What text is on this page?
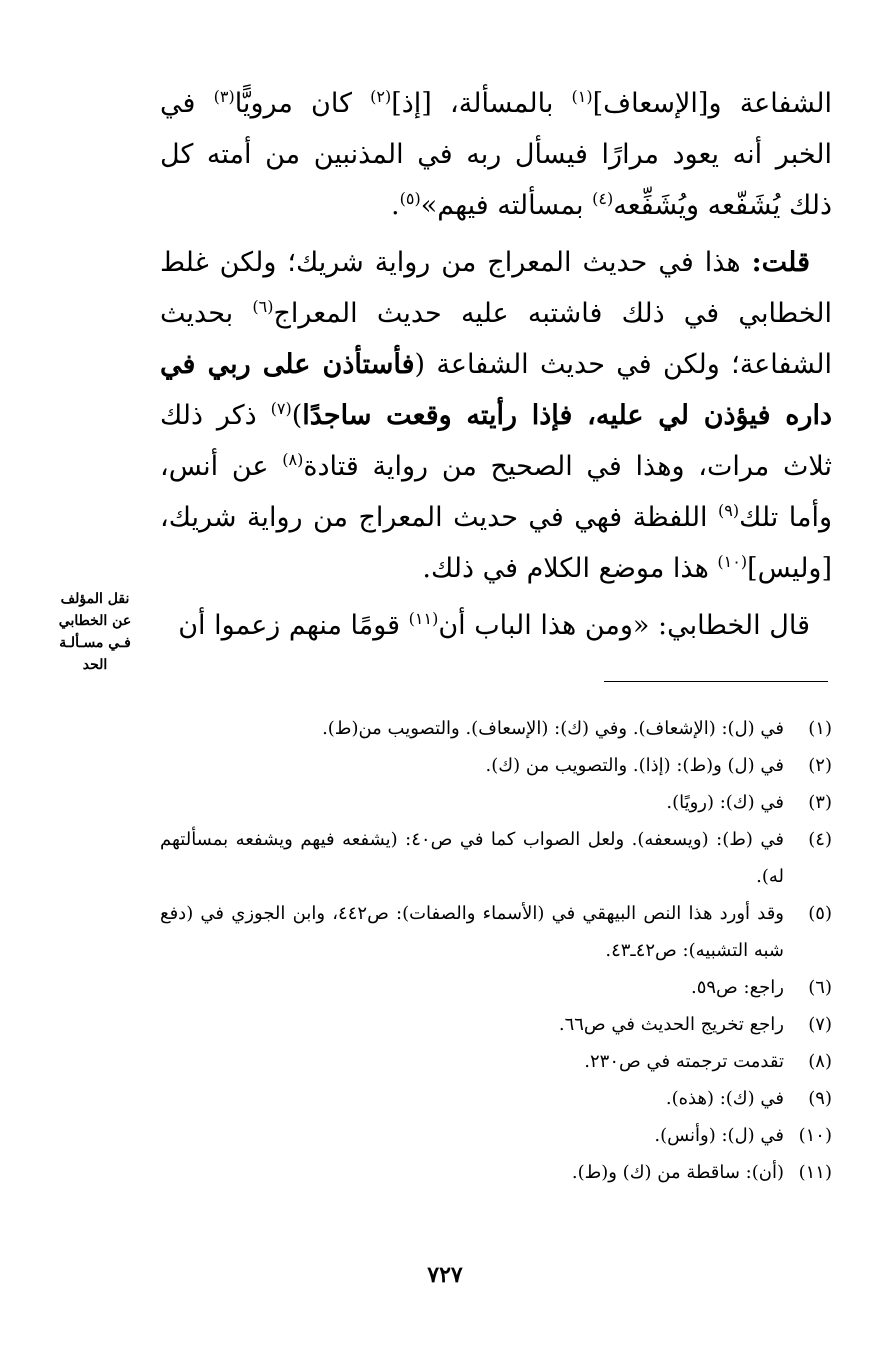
الشفاعة و[الإسعاف]$^{(١)}$ بالمسألة، [إذ]$^{(٢)}$ كان مرويًّا$^{(٣)}$ في الخبر أنه يعود مرارًا فيسأل ربه في المذنبين من أمته كل ذلك يُشَفّعه ويُشَفِّعه$^{(٤)}$ بمسألته فيهم»$^{(٥)}$.

قلت: هذا في حديث المعراج من رواية شريك؛ ولكن غلط الخطابي في ذلك فاشتبه عليه حديث المعراج$^{(٦)}$ بحديث الشفاعة؛ ولكن في حديث الشفاعة (فأستأذن على ربي في داره فيؤذن لي عليه، فإذا رأيته وقعت ساجدًا)$^{(٧)}$ ذكر ذلك ثلاث مرات، وهذا في الصحيح من رواية قتادة$^{(٨)}$ عن أنس، وأما تلك$^{(٩)}$ اللفظة فهي في حديث المعراج من رواية شريك، [وليس]$^{(١٠)}$ هذا موضع الكلام في ذلك.

قال الخطابي: «ومن هذا الباب أن$^{(١١)}$ قومًا منهم زعموا أن

نقل المؤلف
عن الخطابي
فـي مسـألـة
الحد
(١)
في (ل): (الإشعاف). وفي (ك): (الإسعاف). والتصويب من(ط).
(٢)
في (ل) و(ط): (إذا). والتصويب من (ك).
(٣)
في (ك): (رويًا).
(٤)
في (ط): (ويسعفه). ولعل الصواب كما في ص٤٠: (يشفعه فيهم ويشفعه بمسألتهم له).
(٥)
وقد أورد هذا النص البيهقي في (الأسماء والصفات): ص٤٤٢، وابن الجوزي في (دفع شبه التشبيه): ص٤٢ـ٤٣.
(٦)
راجع: ص٥٩.
(٧)
راجع تخريج الحديث في ص٦٦.
(٨)
تقدمت ترجمته في ص٢٣٠.
(٩)
في (ك): (هذه).
(١٠)
في (ل): (وأنس).
(١١)
(أن): ساقطة من (ك) و(ط).
٧٢٧
